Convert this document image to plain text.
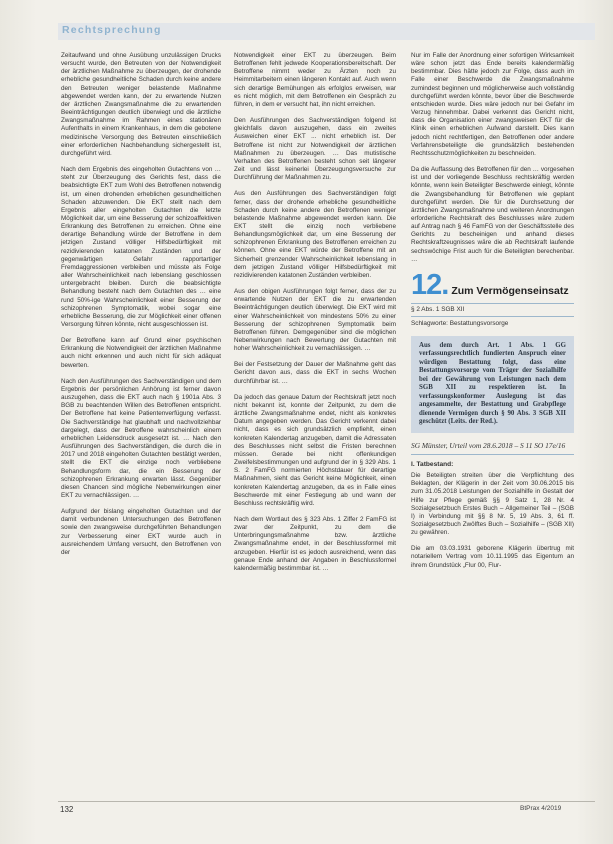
Rechtsprechung

Zeitaufwand und ohne Ausübung unzulässigen Drucks versucht wurde, den Betreuten von der Notwendigkeit der ärztlichen Maßnahme zu überzeugen, der drohende erhebliche gesundheitliche Schaden durch keine andere den Betreuten weniger belastende Maßnahme abgewendet werden kann, der zu erwartende Nutzen der ärztlichen Zwangsmaßnahme die zu erwartenden Beeinträchtigungen deutlich überwiegt und die ärztliche Zwangsmaßnahme im Rahmen eines stationären Aufenthalts in einem Krankenhaus, in dem die gebotene medizinische Versorgung des Betreuten einschließlich einer erforderlichen Nachbehandlung sichergestellt ist, durchgeführt wird.

Nach dem Ergebnis des eingeholten Gutachtens von … steht zur Überzeugung des Gerichts fest, dass die beabsichtigte EKT zum Wohl des Betroffenen notwendig ist, um einen drohenden erheblichen gesundheitlichen Schaden abzuwenden. Die EKT stellt nach dem Ergebnis aller eingeholten Gutachten die letzte Möglichkeit dar, um eine Besserung der schizoaffektiven Erkrankung des Betroffenen zu erreichen. Ohne eine derartige Behandlung würde der Betroffene in dem jetzigen Zustand völliger Hilfsbedürftigkeit mit rezidivierenden katatonen Zuständen und der gegenwärtigen Gefahr rapportartiger Fremdaggressionen verbleiben und müsste als Folge aller Wahrscheinlichkeit nach lebenslang geschlossen untergebracht bleiben. Durch die beabsichtigte Behandlung besteht nach dem Gutachten des … eine rund 50%-ige Wahrscheinlichkeit einer Besserung der schizophrenen Symptomatik, wobei sogar eine erhebliche Besserung, die zur Möglichkeit einer offenen Versorgung führen könnte, nicht ausgeschlossen ist.

Der Betroffene kann auf Grund einer psychischen Erkrankung die Notwendigkeit der ärztlichen Maßnahme auch nicht erkennen und auch nicht für sich adäquat bewerten.

Nach den Ausführungen des Sachverständigen und dem Ergebnis der persönlichen Anhörung ist ferner davon auszugehen, dass die EKT auch nach § 1901a Abs. 3 BGB zu beachtenden Willen des Betroffenen entspricht. Der Betroffene hat keine Patientenverfügung verfasst. Die Sachverständige hat glaubhaft und nachvollziehbar dargelegt, dass der Betroffene wahrscheinlich einem erheblichen Leidensdruck ausgesetzt ist. … Nach den Ausführungen des Sachverständigen, die durch die in 2017 und 2018 eingeholten Gutachten bestätigt werden, stellt die EKT die einzige noch verbliebene Behandlungsform dar, die ein Besserung der schizophrenen Erkrankung erwarten lässt. Gegenüber diesen Chancen sind mögliche Nebenwirkungen einer EKT zu vernachlässigen. …

Aufgrund der bislang eingeholten Gutachten und der damit verbundenen Untersuchungen des Betroffenen sowie den zwangsweise durchgeführten Behandlungen zur Verbesserung einer EKT wurde auch in ausreichendem Umfang versucht, den Betroffenen von der

Notwendigkeit einer EKT zu überzeugen. Beim Betroffenen fehlt jedwede Kooperationsbereitschaft. Der Betroffene nimmt weder zu Ärzten noch zu Heimmitarbeitern einen längeren Kontakt auf. Auch wenn sich derartige Bemühungen als erfolglos erweisen, war es nicht möglich, mit dem Betroffenen ein Gespräch zu führen, in dem er versucht hat, ihn nicht erreichen.

Den Ausführungen des Sachverständigen folgend ist gleichfalls davon auszugehen, dass ein zweites Ausweichen einer EKT ... nicht erheblich ist. Der Betroffene ist nicht zur Notwendigkeit der ärztlichen Maßnahmen zu überzeugen. … Das mutistische Verhalten des Betroffenen besteht schon seit längerer Zeit und lässt keinerlei Überzeugungsversuche zur Durchführung der Maßnahmen zu.

Aus den Ausführungen des Sachverständigen folgt ferner, dass der drohende erhebliche gesundheitliche Schaden durch keine andere den Betroffenen weniger belastende Maßnahme abgewendet werden kann. Die EKT stellt die einzig noch verbliebene Behandlungsmöglichkeit dar, um eine Besserung der schizophrenen Erkrankung des Betroffenen erreichen zu können. Ohne eine EKT würde der Betroffene mit an Sicherheit grenzender Wahrscheinlichkeit lebenslang in dem jetzigen Zustand völliger Hilfsbedürftigkeit mit rezidivierenden katatonen Zuständen verbleiben.

Aus den obigen Ausführungen folgt ferner, dass der zu erwartende Nutzen der EKT die zu erwartenden Beeinträchtigungen deutlich überwiegt. Die EKT wird mit einer Wahrscheinlichkeit von mindestens 50% zu einer Besserung der schizophrenen Symptomatik beim Betroffenen führen. Demgegenüber sind die möglichen Nebenwirkungen nach Bewertung der Gutachten mit hoher Wahrscheinlichkeit zu vernachlässigen. …

Bei der Festsetzung der Dauer der Maßnahme geht das Gericht davon aus, dass die EKT in sechs Wochen durchführbar ist. …

Da jedoch das genaue Datum der Rechtskraft jetzt noch nicht bekannt ist, konnte der Zeitpunkt, zu dem die ärztliche Zwangsmaßnahme endet, nicht als konkretes Datum angegeben werden. Das Gericht verkennt dabei nicht, dass es sich grundsätzlich empfiehlt, einen konkreten Kalendertag anzugeben, damit die Adressaten des Beschlusses nicht selbst die Fristen berechnen müssen. Gerade bei nicht offenkundigen Zweifelsbestimmungen und aufgrund der in § 329 Abs. 1 S. 2 FamFG normierten Höchstdauer für derartige Maßnahmen, sieht das Gericht keine Möglichkeit, einen konkreten Kalendertag anzugeben, da es in Falle eines Beschwerde mit einer Festlegung ab und wann der Beschluss rechtskräftig wird.

Nach dem Wortlaut des § 323 Abs. 1 Ziffer 2 FamFG ist zwar der Zeitpunkt, zu dem die Unterbringungsmaßnahme bzw. ärztliche Zwangsmaßnahme endet, in der Beschlussformel mit anzugeben. Hierfür ist es jedoch ausreichend, wenn das genaue Ende anhand der Angaben in Beschlussformel kalendermäßig bestimmbar ist. …

Nur im Falle der Anordnung einer sofortigen Wirksamkeit wäre schon jetzt das Ende bereits kalendermäßig bestimmbar. Dies hätte jedoch zur Folge, dass auch im Falle einer Beschwerde die Zwangsmaßnahme zumindest beginnen und möglicherweise auch vollständig durchgeführt werden könnte, bevor über die Beschwerde entschieden wurde. Dies wäre jedoch nur bei Gefahr im Verzug hinnehmbar. Dabei verkennt das Gericht nicht, dass die Organisation einer zwangsweisen EKT für die Klinik einen erheblichen Aufwand darstellt. Dies kann jedoch nicht rechtfertigen, den Betroffenen oder andere Verfahrensbeteiligte die grundsätzlich bestehenden Rechtsschutzmöglichkeiten zu beschneiden.

Da die Auffassung des Betroffenen für den … vorgesehen ist und der vorliegende Beschluss rechtskräftig werden könnte, wenn kein Beteiligter Beschwerde einlegt, könnte die Zwangsbehandlung für Betroffenen wie geplant durchgeführt werden. Die für die Durchsetzung der ärztlichen Zwangsmaßnahme und weiteren Anordnungen erforderliche Rechtskraft des Beschlusses wäre zudem auf Antrag nach § 46 FamFG von der Geschäftsstelle des Gerichts zu bescheinigen und anhand dieses Rechtskraftzeugnisses wäre die ab Rechtskraft laufende sechswöchige Frist auch für die Beteiligten berechenbar. …

12. Zum Vermögenseinsatz
§ 2 Abs. 1 SGB XII
Schlagworte: Bestattungsvorsorge
Aus dem durch Art. 1 Abs. 1 GG verfassungsrechtlich fundierten Anspruch einer würdigen Bestattung folgt, dass eine Bestattungsvorsorge vom Träger der Sozialhilfe bei der Gewährung von Leistungen nach dem SGB XII zu respektieren ist. In verfassungskonformer Auslegung ist das angesammelte, der Bestattung und Grabpflege dienende Vermögen durch § 90 Abs. 3 SGB XII geschützt (Leits. der Red.).
SG Münster, Urteil vom 28.6.2018 – S 11 SO 17e/16
I. Tatbestand:

Die Beteiligten streiten über die Verpflichtung des Beklagten, der Klägerin in der Zeit vom 30.06.2015 bis zum 31.05.2018 Leistungen der Sozialhilfe in Gestalt der Hilfe zur Pflege gemäß §§ 9 Satz 1, 28 Nr. 4 Sozialgesetzbuch Erstes Buch – Allgemeiner Teil – (SGB I) in Verbindung mit §§ 8 Nr. 5, 19 Abs. 3, 61 ff. Sozialgesetzbuch Zwölftes Buch – Sozialhilfe – (SGB XII) zu gewähren.

Die am 03.03.1931 geborene Klägerin übertrug mit notariellem Vertrag vom 10.11.1995 das Eigentum an ihrem Grundstück „Flur 00, Flur-

132	BtPrax 4/2019
